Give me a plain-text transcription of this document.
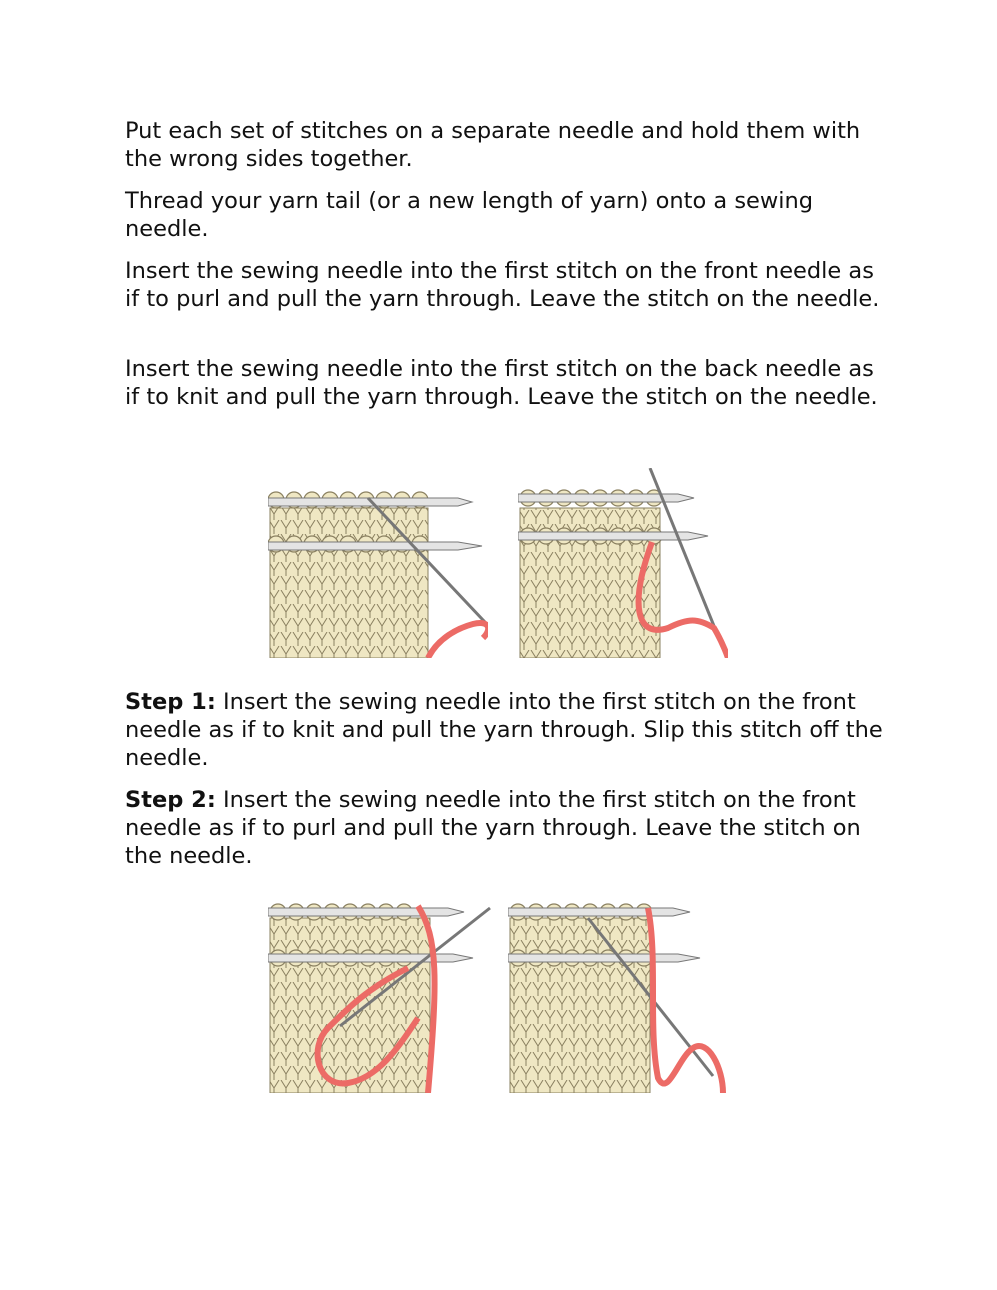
Put each set of stitches on a separate needle and hold them with the wrong sides together.

Thread your yarn tail (or a new length of yarn) onto a sewing needle.

Insert the sewing needle into the first stitch on the front needle as if to purl and pull the yarn through. Leave the stitch on the needle.

Insert the sewing needle into the first stitch on the back needle as if to knit and pull the yarn through. Leave the stitch on the needle.

Step 1: Insert the sewing needle into the first stitch on the front needle as if to knit and pull the yarn through. Slip this stitch off the needle.

Step 2: Insert the sewing needle into the first stitch on the front needle as if to purl and pull the yarn through. Leave the stitch on the needle.
